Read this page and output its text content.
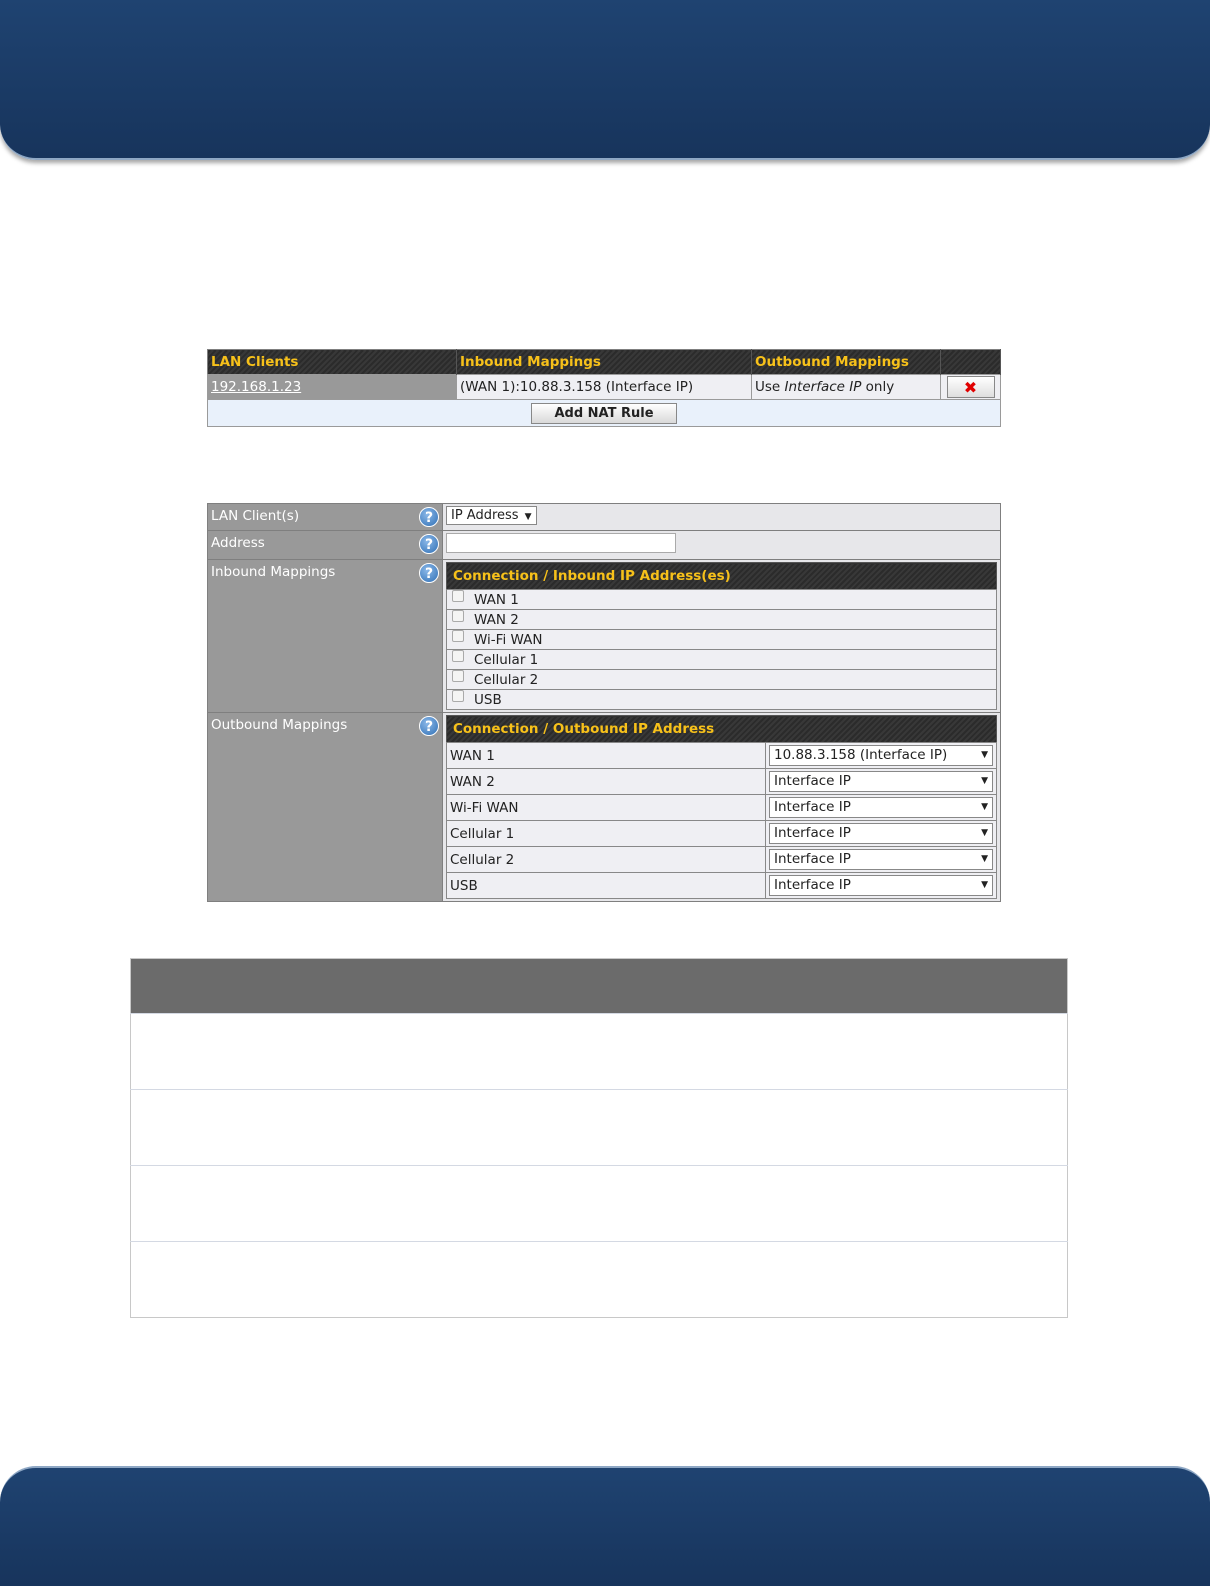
LAN Clients	Inbound Mappings	Outbound Mappings	
192.168.1.23	(WAN 1):10.88.3.158 (Interface IP)	Use Interface IP only	✖

Add NAT Rule			
LAN Client(s)	?	IP Address ▼
Address	?

Inbound Mappings	?
		Connection / Inbound IP Address(es)
WAN 1
WAN 2
Wi-Fi WAN
Cellular 1
Cellular 2
USB

Outbound Mappings	?
		Connection / Outbound IP Address
WAN 1	10.88.3.158 (Interface IP)	▼

WAN 2	Interface IP	▼

Wi-Fi WAN	Interface IP	▼

Cellular 1	Interface IP	▼

Cellular 2	Interface IP	▼

USB	Interface IP	▼
